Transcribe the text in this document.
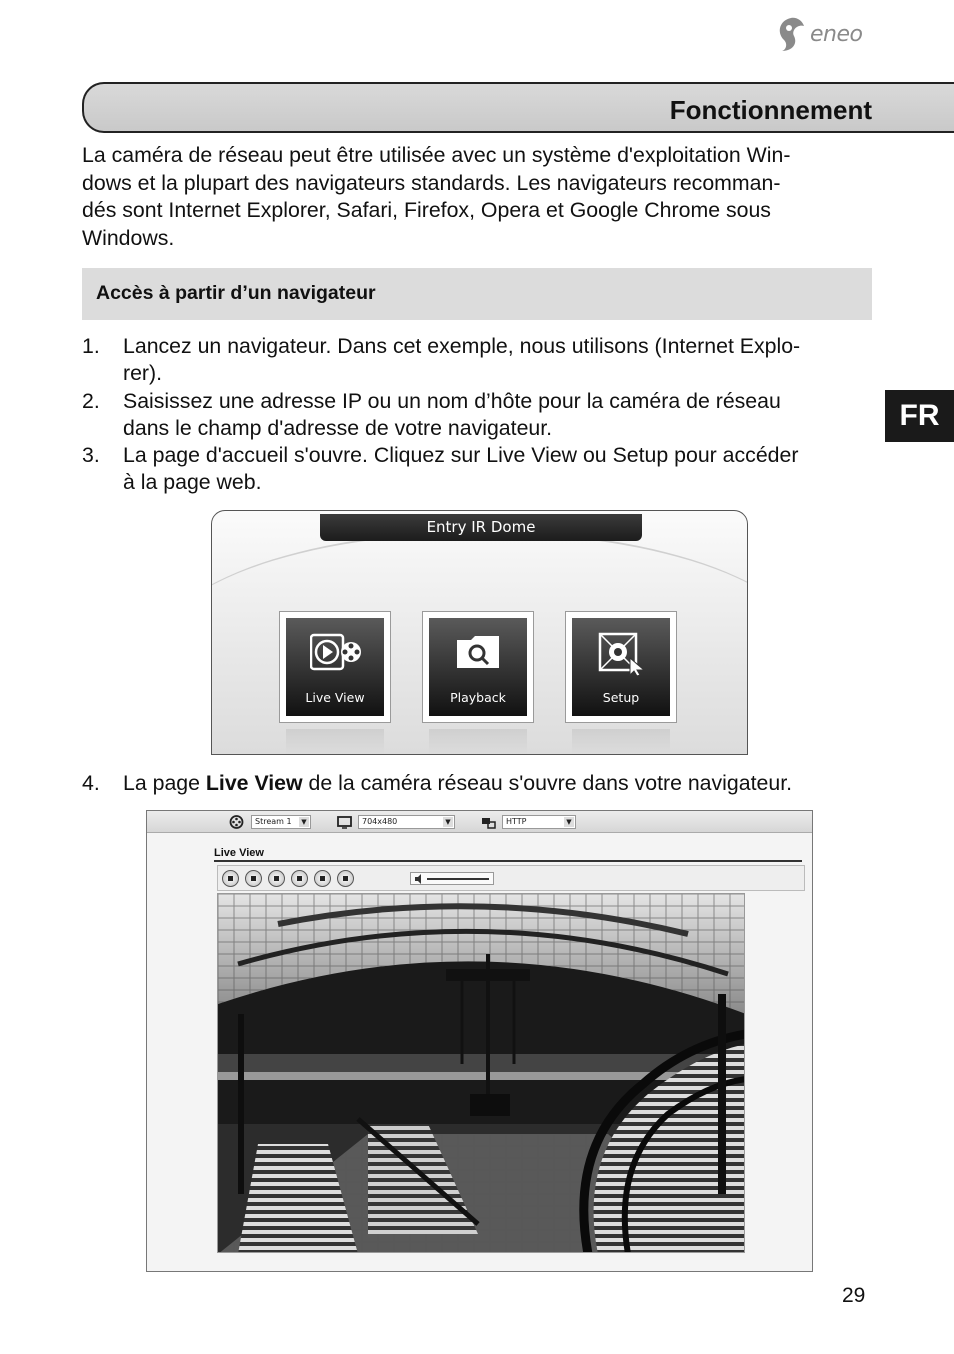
eneo
Fonctionnement
La caméra de réseau peut être utilisée avec un système d'exploitation Win-
dows et la plupart des navigateurs standards. Les navigateurs recomman-
dés sont Internet Explorer, Safari, Firefox, Opera et Google Chrome sous
Windows.
Accès à partir d’un navigateur
1. Lancez un navigateur. Dans cet exemple, nous utilisons (Internet Explo-
rer).
2. Saisissez une adresse IP ou un nom d’hôte pour la caméra de réseau
dans le champ d'adresse de votre navigateur.
3. La page d'accueil s'ouvre. Cliquez sur Live View ou Setup pour accéder
à la page web.
FR
Entry IR Dome
Live View	Playback	Setup
4. La page Live View de la caméra réseau s'ouvre dans votre navigateur.
Stream 1	▼	704x480	▼	HTTP	▼
Live View
29
